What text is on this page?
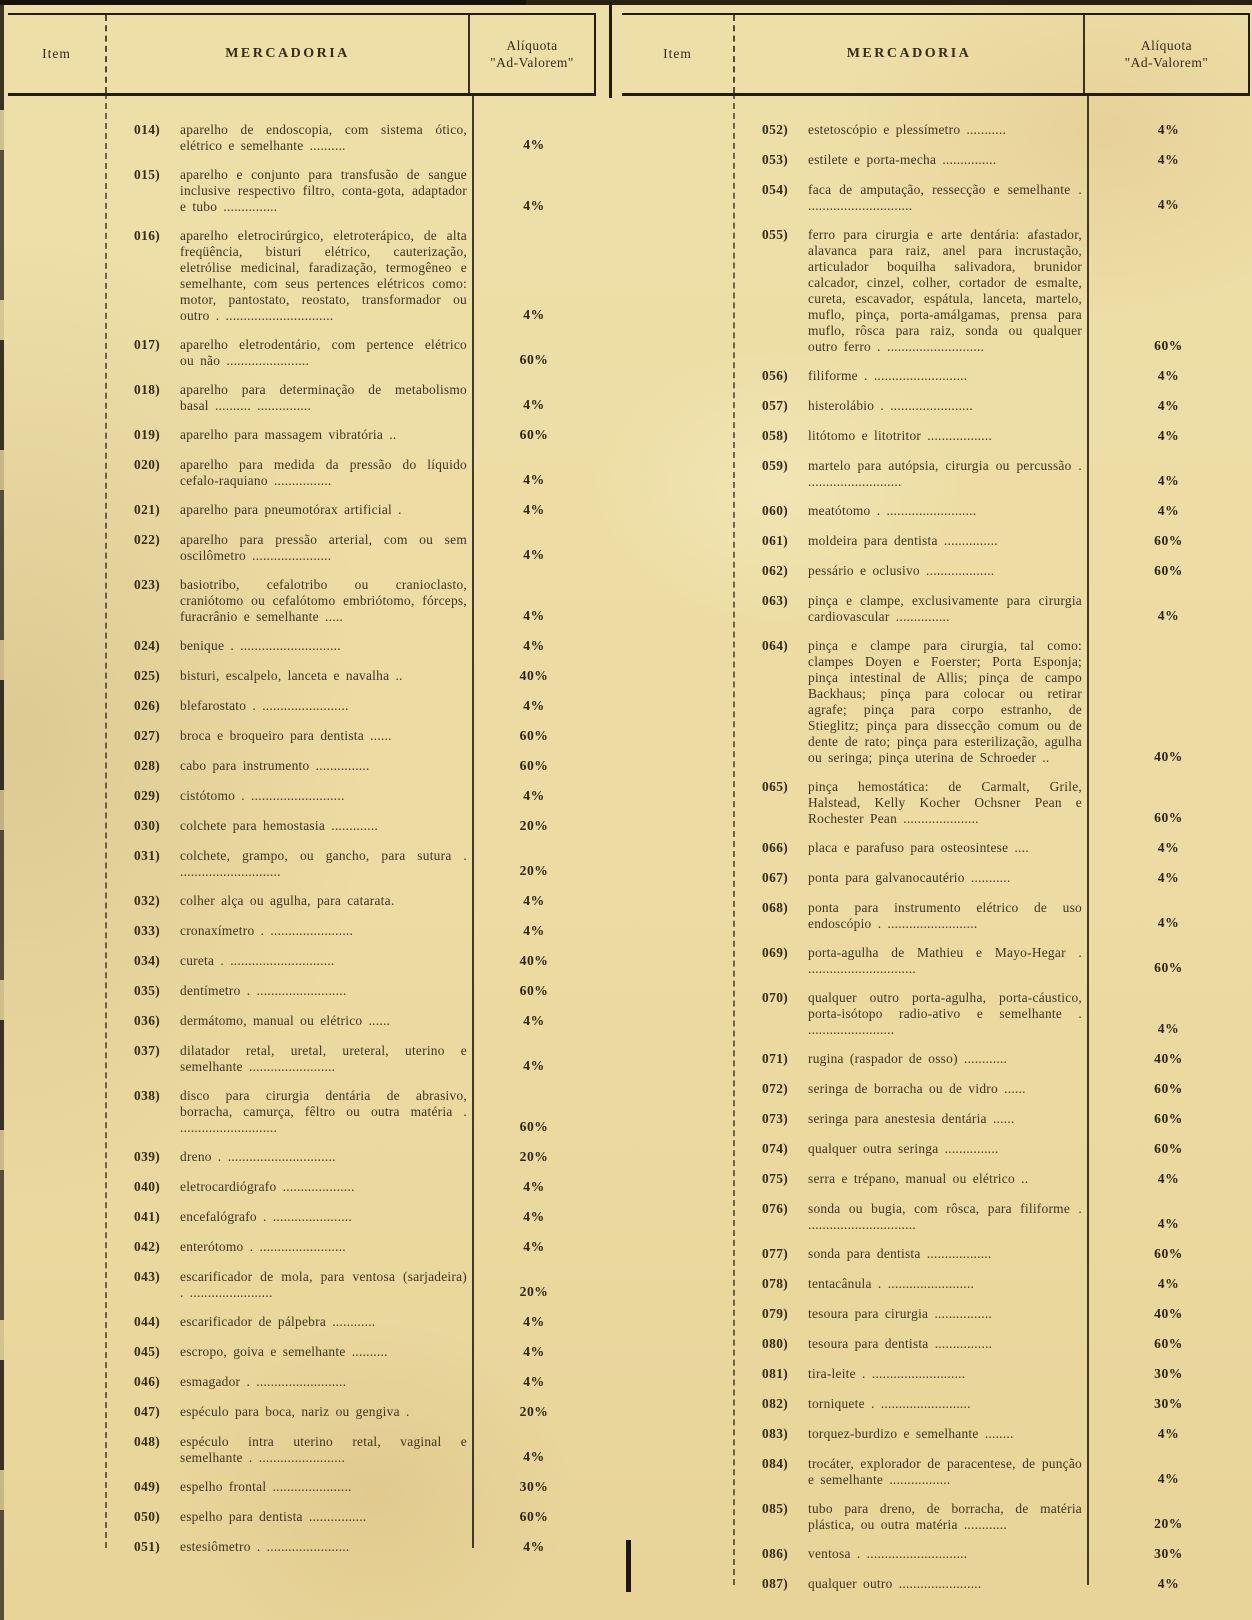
Item	MERCADORIA
Alíquota
"Ad-Valorem"
014)	aparelho de endoscopia, com sistema ótico, elétrico e semelhante ..........	4%
015)	aparelho e conjunto para transfusão de sangue inclusive respectivo filtro, conta-gota, adaptador e tubo ...............	4%
016)	aparelho eletrocirúrgico, eletroterápico, de alta freqüência, bisturi elétrico, cauterização, eletrólise medicinal, faradização, termogêneo e semelhante, com seus pertences elétricos como: motor, pantostato, reostato, transformador ou outro . ..............................	4%
017)	aparelho eletrodentário, com pertence elétrico ou não .......................	60%
018)	aparelho para determinação de metabolismo basal .......... ...............	4%
019)	aparelho para massagem vibratória ..	60%
020)	aparelho para medida da pressão do líquido cefalo-raquiano ................	4%
021)	aparelho para pneumotórax artificial .	4%
022)	aparelho para pressão arterial, com ou sem oscilômetro ......................	4%
023)	basiotribo, cefalotribo ou cranioclasto, craniótomo ou cefalótomo embriótomo, fórceps, furacrânio e semelhante .....	4%
024)	benique . ............................	4%
025)	bisturi, escalpelo, lanceta e navalha ..	40%
026)	blefarostato . ........................	4%
027)	broca e broqueiro para dentista ......	60%
028)	cabo para instrumento ...............	60%
029)	cistótomo . ..........................	4%
030)	colchete para hemostasia .............	20%
031)	colchete, grampo, ou gancho, para sutura . ............................	20%
032)	colher alça ou agulha, para catarata.	4%
033)	cronaxímetro . .......................	4%
034)	cureta . .............................	40%
035)	dentímetro . .........................	60%
036)	dermátomo, manual ou elétrico ......	4%
037)	dilatador retal, uretal, ureteral, uterino e semelhante ........................	4%
038)	disco para cirurgia dentária de abrasivo, borracha, camurça, fêltro ou outra matéria . ...........................	60%
039)	dreno . ..............................	20%
040)	eletrocardiógrafo ....................	4%
041)	encefalógrafo . ......................	4%
042)	enterótomo . ........................	4%
043)	escarificador de mola, para ventosa (sarjadeira) . .......................	20%
044)	escarificador de pálpebra ............	4%
045)	escropo, goiva e semelhante ..........	4%
046)	esmagador . .........................	4%
047)	espéculo para boca, nariz ou gengiva .	20%
048)	espéculo intra uterino retal, vaginal e semelhante . ........................	4%
049)	espelho frontal ......................	30%
050)	espelho para dentista ................	60%
051)	estesiômetro . .......................	4%
Item	MERCADORIA
Alíquota
"Ad-Valorem"
052)	estetoscópio e plessímetro ...........	4%
053)	estilete e porta-mecha ...............	4%
054)	faca de amputação, ressecção e semelhante . .............................	4%
055)	ferro para cirurgia e arte dentária: afastador, alavanca para raiz, anel para incrustação, articulador boquilha salivadora, brunidor calcador, cinzel, colher, cortador de esmalte, cureta, escavador, espátula, lanceta, martelo, muflo, pinça, porta-amálgamas, prensa para muflo, rôsca para raiz, sonda ou qualquer outro ferro . ...........................	60%
056)	filiforme . ..........................	4%
057)	histerolábio . .......................	4%
058)	litótomo e litotritor ..................	4%
059)	martelo para autópsia, cirurgia ou percussão . ..........................	4%
060)	meatótomo . .........................	4%
061)	moldeira para dentista ...............	60%
062)	pessário e oclusivo ...................	60%
063)	pinça e clampe, exclusivamente para cirurgia cardiovascular ...............	4%
064)	pinça e clampe para cirurgia, tal como: clampes Doyen e Foerster; Porta Esponja; pinça intestinal de Allis; pinça de campo Backhaus; pinça para colocar ou retirar agrafe; pinça para corpo estranho, de Stieglitz; pinça para dissecção comum ou de dente de rato; pinça para esterilização, agulha ou seringa; pinça uterina de Schroeder ..	40%
065)	pinça hemostática: de Carmalt, Grile, Halstead, Kelly Kocher Ochsner Pean e Rochester Pean .....................	60%
066)	placa e parafuso para osteosintese ....	4%
067)	ponta para galvanocautério ...........	4%
068)	ponta para instrumento elétrico de uso endoscópio . .........................	4%
069)	porta-agulha de Mathieu e Mayo-Hegar . ..............................	60%
070)	qualquer outro porta-agulha, porta-cáustico, porta-isótopo radio-ativo e semelhante . ........................	4%
071)	rugina (raspador de osso) ............	40%
072)	seringa de borracha ou de vidro ......	60%
073)	seringa para anestesia dentária ......	60%
074)	qualquer outra seringa ...............	60%
075)	serra e trépano, manual ou elétrico ..	4%
076)	sonda ou bugia, com rôsca, para filiforme . ..............................	4%
077)	sonda para dentista ..................	60%
078)	tentacânula . ........................	4%
079)	tesoura para cirurgia ................	40%
080)	tesoura para dentista ................	60%
081)	tira-leite . ..........................	30%
082)	torniquete . .........................	30%
083)	torquez-burdizo e semelhante ........	4%
084)	trocáter, explorador de paracentese, de punção e semelhante .................	4%
085)	tubo para dreno, de borracha, de matéria plástica, ou outra matéria ............	20%
086)	ventosa . ............................	30%
087)	qualquer outro .......................	4%
